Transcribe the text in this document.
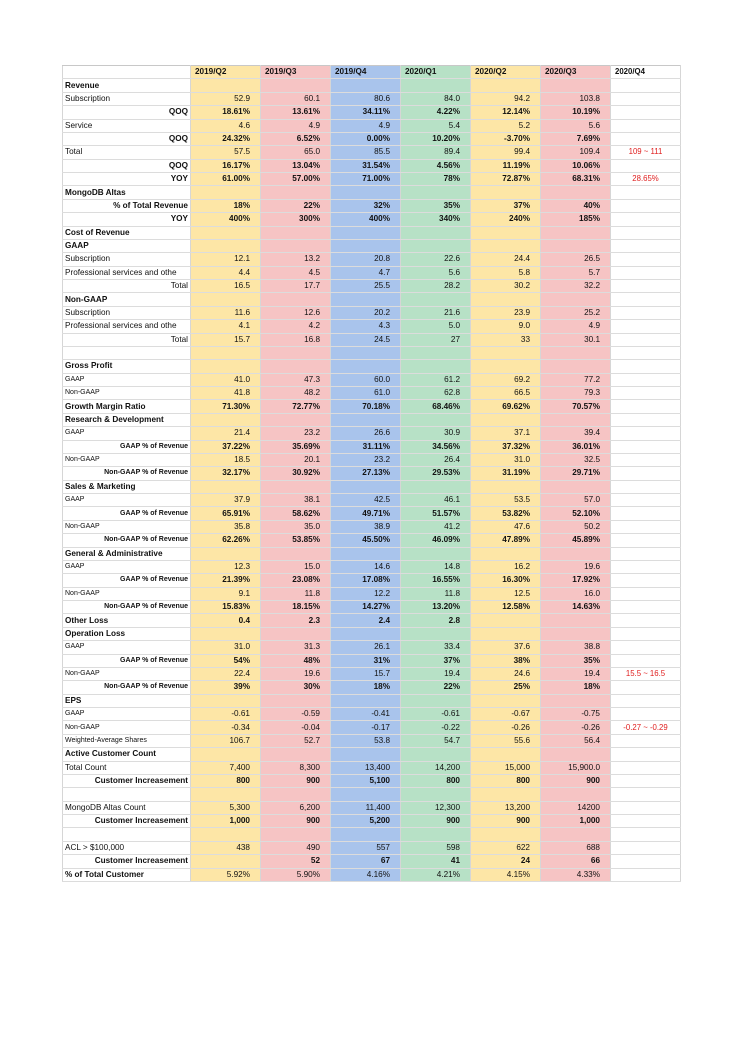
	2019/Q2	2019/Q3	2019/Q4	2020/Q1	2020/Q2	2020/Q3	2020/Q4
Revenue							
Subscription	52.9	60.1	80.6	84.0	94.2	103.8	
QOQ	18.61%	13.61%	34.11%	4.22%	12.14%	10.19%	
Service	4.6	4.9	4.9	5.4	5.2	5.6	
QOQ	24.32%	6.52%	0.00%	10.20%	-3.70%	7.69%	
Total	57.5	65.0	85.5	89.4	99.4	109.4	109 ~ 111
QOQ	16.17%	13.04%	31.54%	4.56%	11.19%	10.06%	
YOY	61.00%	57.00%	71.00%	78%	72.87%	68.31%	28.65%
MongoDB Altas							
% of Total Revenue	18%	22%	32%	35%	37%	40%	
YOY	400%	300%	400%	340%	240%	185%	
Cost of Revenue							
GAAP							
Subscription	12.1	13.2	20.8	22.6	24.4	26.5	
Professional services and othe	4.4	4.5	4.7	5.6	5.8	5.7	
Total	16.5	17.7	25.5	28.2	30.2	32.2	
Non-GAAP							
Subscription	11.6	12.6	20.2	21.6	23.9	25.2	
Professional services and othe	4.1	4.2	4.3	5.0	9.0	4.9	
Total	15.7	16.8	24.5	27	33	30.1	

Gross Profit							
GAAP	41.0	47.3	60.0	61.2	69.2	77.2	
Non-GAAP	41.8	48.2	61.0	62.8	66.5	79.3	
Growth Margin Ratio	71.30%	72.77%	70.18%	68.46%	69.62%	70.57%	
Research & Development							
GAAP	21.4	23.2	26.6	30.9	37.1	39.4	
GAAP % of Revenue	37.22%	35.69%	31.11%	34.56%	37.32%	36.01%	
Non-GAAP	18.5	20.1	23.2	26.4	31.0	32.5	
Non-GAAP % of Revenue	32.17%	30.92%	27.13%	29.53%	31.19%	29.71%	
Sales & Marketing							
GAAP	37.9	38.1	42.5	46.1	53.5	57.0	
GAAP % of Revenue	65.91%	58.62%	49.71%	51.57%	53.82%	52.10%	
Non-GAAP	35.8	35.0	38.9	41.2	47.6	50.2	
Non-GAAP % of Revenue	62.26%	53.85%	45.50%	46.09%	47.89%	45.89%	
General & Administrative							
GAAP	12.3	15.0	14.6	14.8	16.2	19.6	
GAAP % of Revenue	21.39%	23.08%	17.08%	16.55%	16.30%	17.92%	
Non-GAAP	9.1	11.8	12.2	11.8	12.5	16.0	
Non-GAAP % of Revenue	15.83%	18.15%	14.27%	13.20%	12.58%	14.63%	
Other Loss	0.4	2.3	2.4	2.8			
Operation Loss							
GAAP	31.0	31.3	26.1	33.4	37.6	38.8	
GAAP % of Revenue	54%	48%	31%	37%	38%	35%	
Non-GAAP	22.4	19.6	15.7	19.4	24.6	19.4	15.5 ~ 16.5
Non-GAAP % of Revenue	39%	30%	18%	22%	25%	18%	
EPS							
GAAP	-0.61	-0.59	-0.41	-0.61	-0.67	-0.75	
Non-GAAP	-0.34	-0.04	-0.17	-0.22	-0.26	-0.26	-0.27 ~ -0.29
Weighted-Average Shares	106.7	52.7	53.8	54.7	55.6	56.4	
Active Customer Count							
Total Count	7,400	8,300	13,400	14,200	15,000	15,900.0	
Customer Increasement	800	900	5,100	800	800	900	

MongoDB Altas Count	5,300	6,200	11,400	12,300	13,200	14200	
Customer Increasement	1,000	900	5,200	900	900	1,000	

ACL > $100,000	438	490	557	598	622	688	
Customer Increasement		52	67	41	24	66	
% of Total Customer	5.92%	5.90%	4.16%	4.21%	4.15%	4.33%	
